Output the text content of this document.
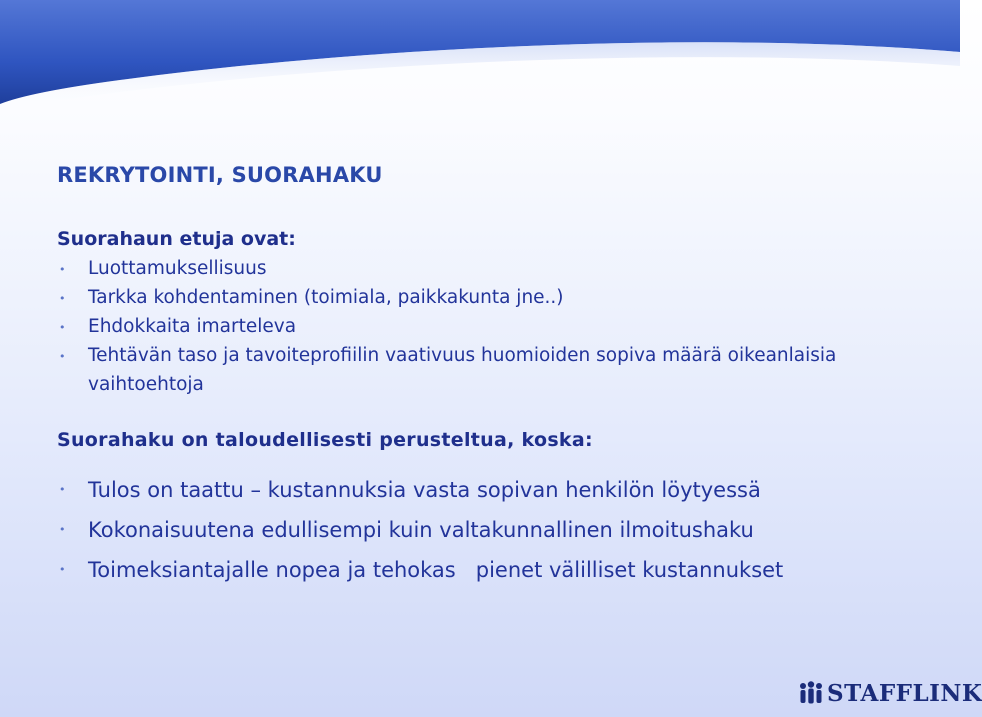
REKRYTOINTI, SUORAHAKU
Suorahaun etuja ovat:
• Luottamuksellisuus
• Tarkka kohdentaminen (toimiala, paikkakunta jne..)
• Ehdokkaita imarteleva
• Tehtävän taso ja tavoiteprofiilin vaativuus huomioiden sopiva määrä oikeanlaisia vaihtoehtoja
Suorahaku on taloudellisesti perusteltua, koska:
• Tulos on taattu – kustannuksia vasta sopivan henkilön löytyessä
• Kokonaisuutena edullisempi kuin valtakunnallinen ilmoitushaku
• Toimeksiantajalle nopea ja tehokas   pienet välilliset kustannukset
STAFFLINK
